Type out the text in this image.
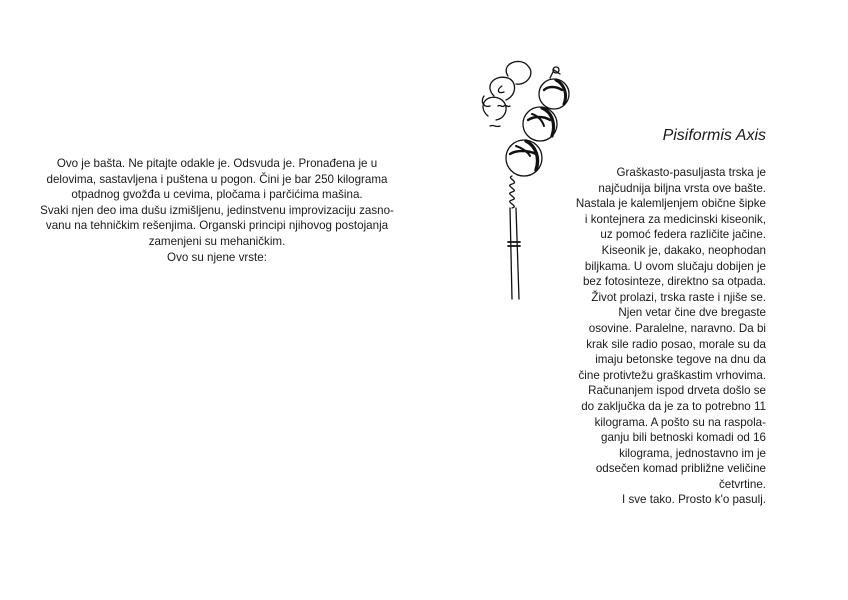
Ovo je bašta. Ne pitajte odakle je. Odsvuda je. Pronađena je u
delovima, sastavljena i puštena u pogon. Čini je bar 250 kilograma
otpadnog gvožđa u cevima, pločama i parčićima mašina.
Svaki njen deo ima dušu izmišljenu, jedinstvenu improvizaciju zasno-
vanu na tehničkim rešenjima. Organski principi njihovog postojanja
zamenjeni su mehaničkim.
Ovo su njene vrste:
Pisiformis Axis
Graškasto-pasuljasta trska je
najčudnija biljna vrsta ove bašte.
Nastala je kalemljenjem obične šipke
i kontejnera za medicinski kiseonik,
uz pomoć federa različite jačine.
Kiseonik je, dakako, neophodan
biljkama. U ovom slučaju dobijen je
bez fotosinteze, direktno sa otpada.
Život prolazi, trska raste i njiše se.
Njen vetar čine dve bregaste
osovine. Paralelne, naravno. Da bi
krak sile radio posao, morale su da
imaju betonske tegove na dnu da
čine protivtežu graškastim vrhovima.
Računanjem ispod drveta došlo se
do zaključka da je za to potrebno 11
kilograma. A pošto su na raspola-
ganju bili betnoski komadi od 16
kilograma, jednostavno im je
odsečen komad približne veličine
četvrtine.
I sve tako. Prosto k'o pasulj.
